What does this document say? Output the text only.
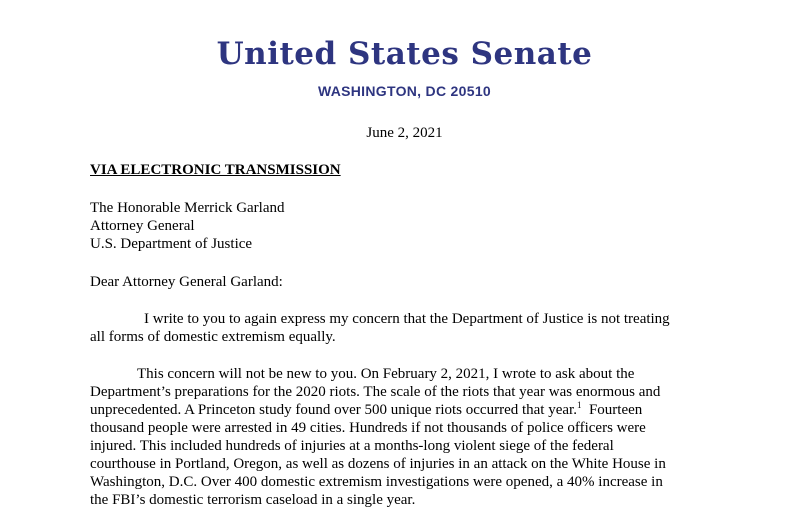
United States Senate
WASHINGTON, DC 20510
June 2, 2021
VIA ELECTRONIC TRANSMISSION
The Honorable Merrick Garland
Attorney General
U.S. Department of Justice
Dear Attorney General Garland:
I write to you to again express my concern that the Department of Justice is not treating
all forms of domestic extremism equally.
This concern will not be new to you. On February 2, 2021, I wrote to ask about the
Department’s preparations for the 2020 riots. The scale of the riots that year was enormous and
unprecedented. A Princeton study found over 500 unique riots occurred that year.$^1$  Fourteen
thousand people were arrested in 49 cities. Hundreds if not thousands of police officers were
injured. This included hundreds of injuries at a months-long violent siege of the federal
courthouse in Portland, Oregon, as well as dozens of injuries in an attack on the White House in
Washington, D.C. Over 400 domestic extremism investigations were opened, a 40% increase in
the FBI’s domestic terrorism caseload in a single year.
